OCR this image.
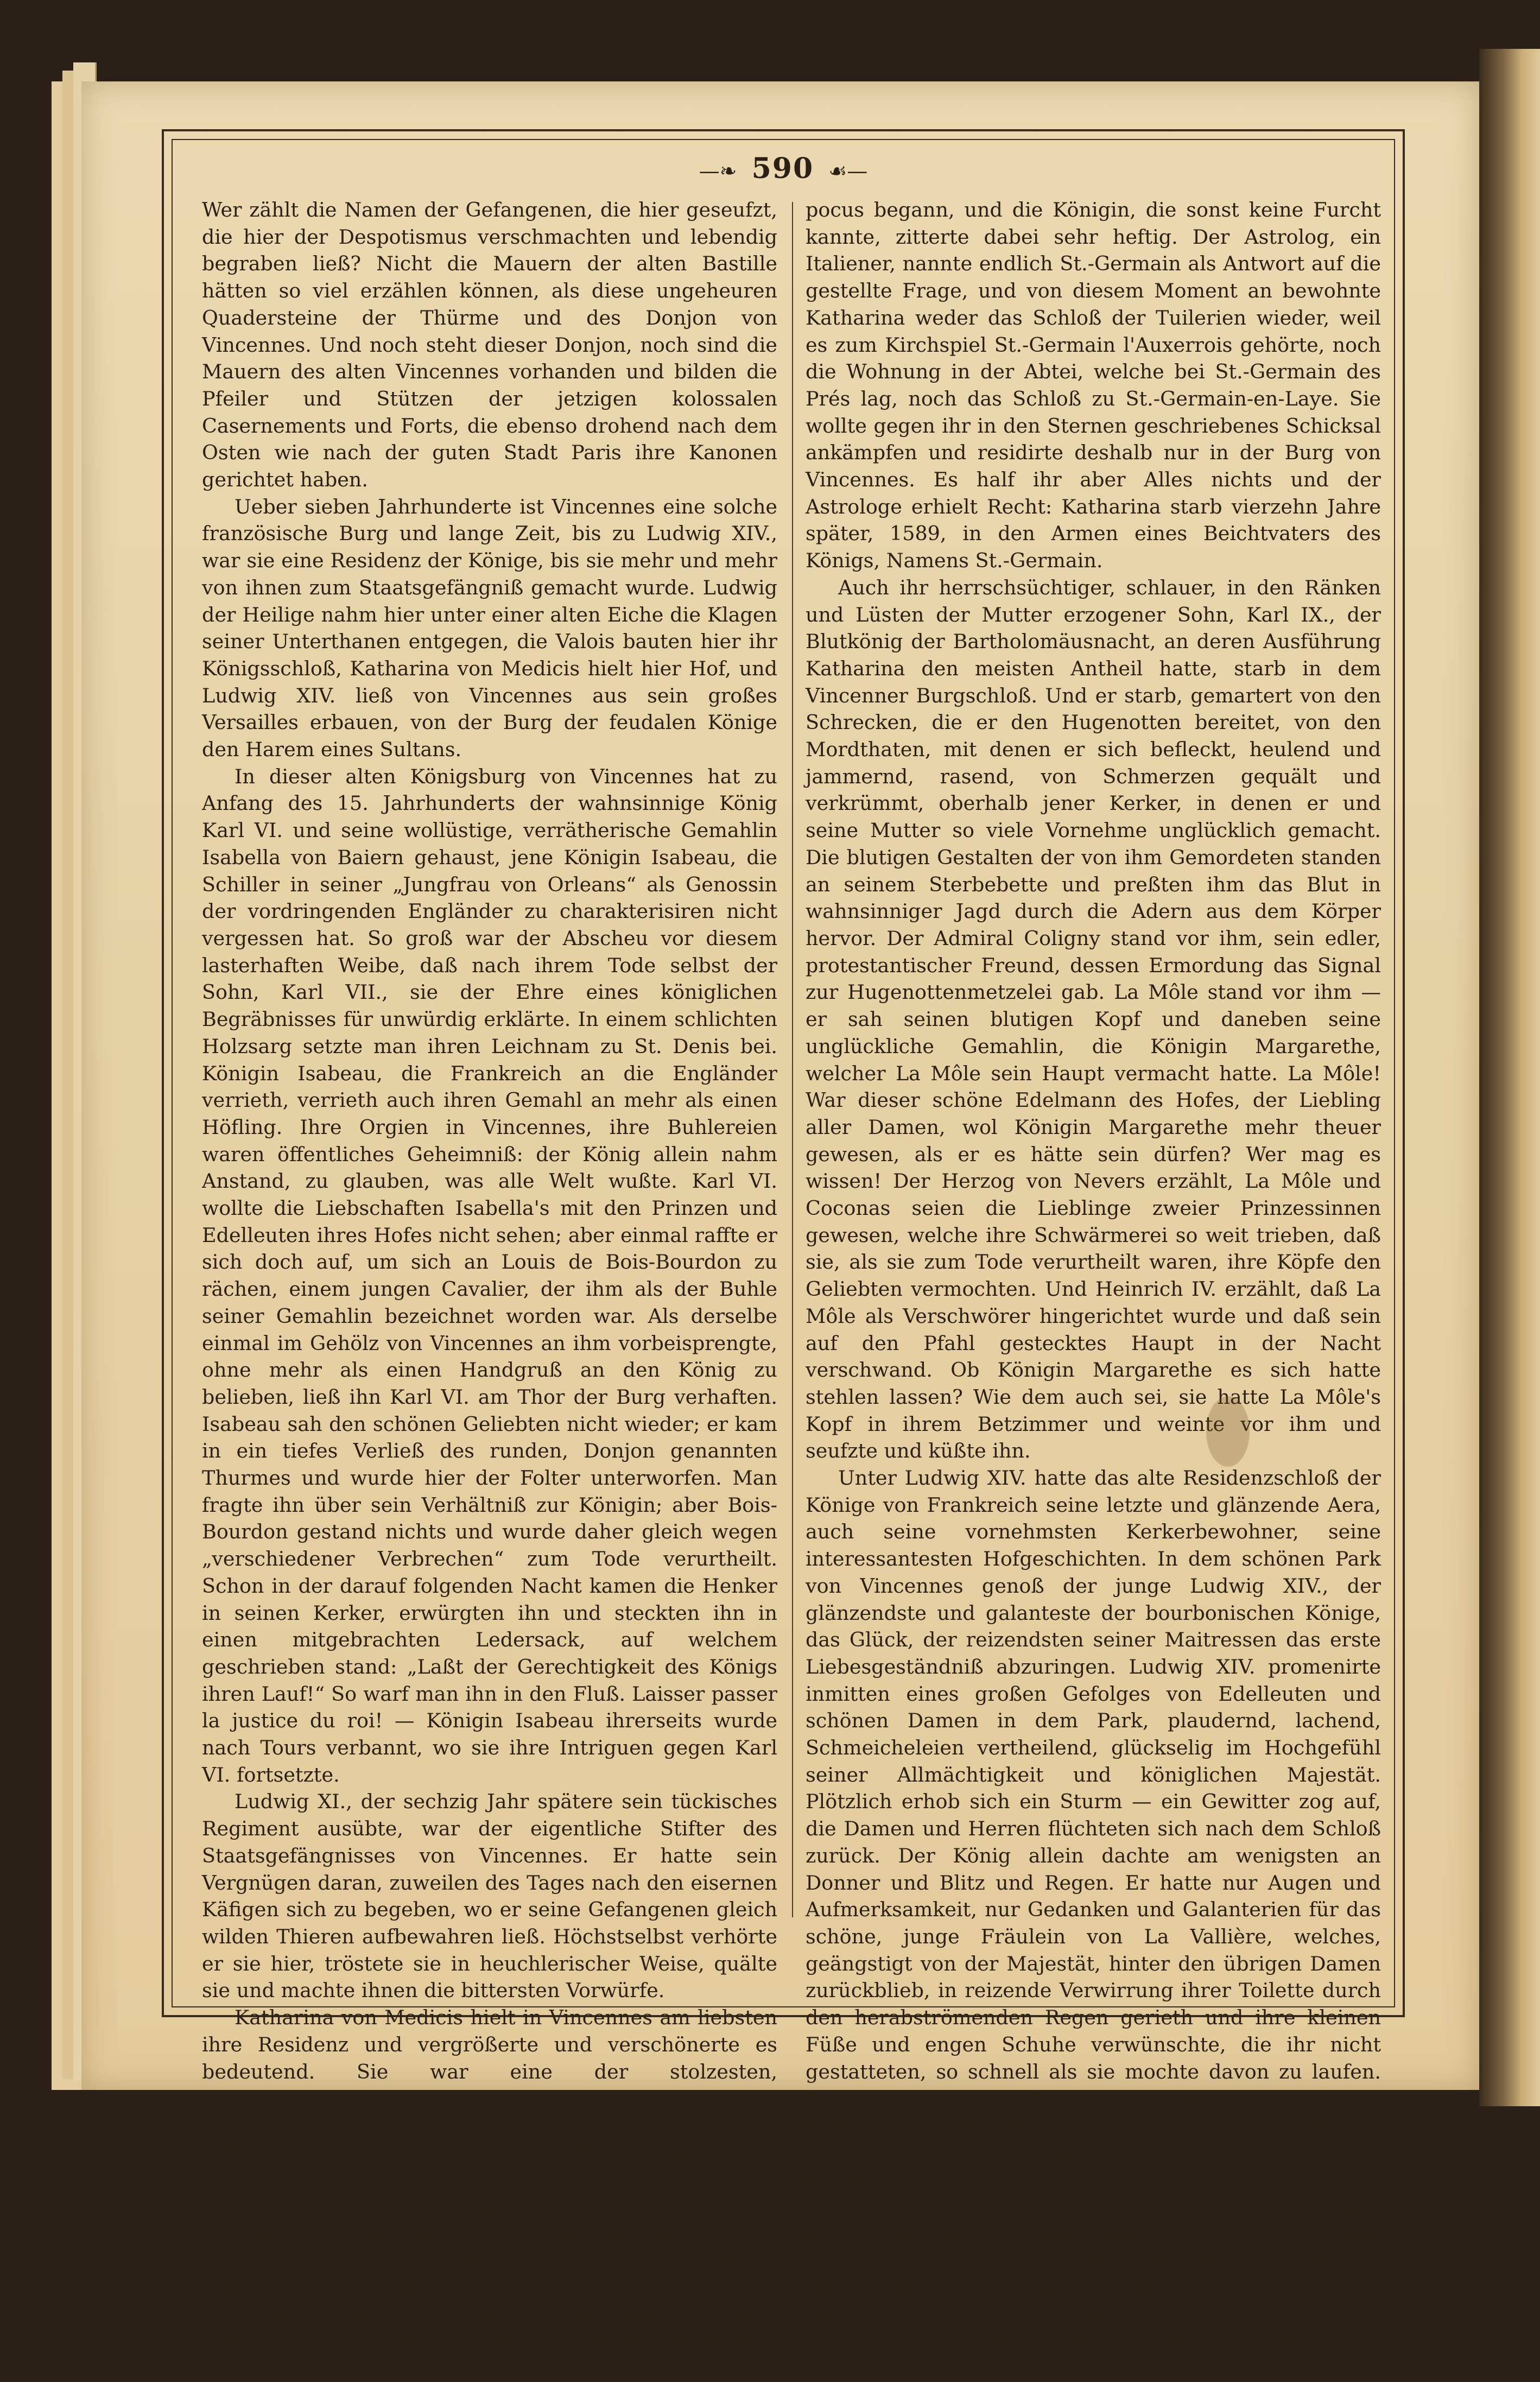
—❧ 590 ☙—

Wer zählt die Namen der Gefangenen, die hier geseufzt, die hier der Despotismus verschmachten und lebendig begraben ließ? Nicht die Mauern der alten Bastille hätten so viel erzählen können, als diese ungeheuren Quadersteine der Thürme und des Donjon von Vincennes. Und noch steht dieser Donjon, noch sind die Mauern des alten Vincennes vorhanden und bilden die Pfeiler und Stützen der jetzigen kolossalen Casernements und Forts, die ebenso drohend nach dem Osten wie nach der guten Stadt Paris ihre Kanonen gerichtet haben.

Ueber sieben Jahrhunderte ist Vincennes eine solche französische Burg und lange Zeit, bis zu Ludwig XIV., war sie eine Residenz der Könige, bis sie mehr und mehr von ihnen zum Staatsgefängniß gemacht wurde. Ludwig der Heilige nahm hier unter einer alten Eiche die Klagen seiner Unterthanen entgegen, die Valois bauten hier ihr Königsschloß, Katharina von Medicis hielt hier Hof, und Ludwig XIV. ließ von Vincennes aus sein großes Versailles erbauen, von der Burg der feudalen Könige den Harem eines Sultans.

In dieser alten Königsburg von Vincennes hat zu Anfang des 15. Jahrhunderts der wahnsinnige König Karl VI. und seine wollüstige, verrätherische Gemahlin Isabella von Baiern gehaust, jene Königin Isabeau, die Schiller in seiner „Jungfrau von Orleans“ als Genossin der vordringenden Engländer zu charakterisiren nicht vergessen hat. So groß war der Abscheu vor diesem lasterhaften Weibe, daß nach ihrem Tode selbst der Sohn, Karl VII., sie der Ehre eines königlichen Begräbnisses für unwürdig erklärte. In einem schlichten Holzsarg setzte man ihren Leichnam zu St. Denis bei. Königin Isabeau, die Frankreich an die Engländer verrieth, verrieth auch ihren Gemahl an mehr als einen Höfling. Ihre Orgien in Vincennes, ihre Buhlereien waren öffentliches Geheimniß: der König allein nahm Anstand, zu glauben, was alle Welt wußte. Karl VI. wollte die Liebschaften Isabella's mit den Prinzen und Edelleuten ihres Hofes nicht sehen; aber einmal raffte er sich doch auf, um sich an Louis de Bois-Bourdon zu rächen, einem jungen Cavalier, der ihm als der Buhle seiner Gemahlin bezeichnet worden war. Als derselbe einmal im Gehölz von Vincennes an ihm vorbeisprengte, ohne mehr als einen Handgruß an den König zu belieben, ließ ihn Karl VI. am Thor der Burg verhaften. Isabeau sah den schönen Geliebten nicht wieder; er kam in ein tiefes Verließ des runden, Donjon genannten Thurmes und wurde hier der Folter unterworfen. Man fragte ihn über sein Verhältniß zur Königin; aber Bois-Bourdon gestand nichts und wurde daher gleich wegen „verschiedener Verbrechen“ zum Tode verurtheilt. Schon in der darauf folgenden Nacht kamen die Henker in seinen Kerker, erwürgten ihn und steckten ihn in einen mitgebrachten Ledersack, auf welchem geschrieben stand: „Laßt der Gerechtigkeit des Königs ihren Lauf!“ So warf man ihn in den Fluß. Laisser passer la justice du roi! — Königin Isabeau ihrerseits wurde nach Tours verbannt, wo sie ihre Intriguen gegen Karl VI. fortsetzte.

Ludwig XI., der sechzig Jahr spätere sein tückisches Regiment ausübte, war der eigentliche Stifter des Staatsgefängnisses von Vincennes. Er hatte sein Vergnügen daran, zuweilen des Tages nach den eisernen Käfigen sich zu begeben, wo er seine Gefangenen gleich wilden Thieren aufbewahren ließ. Höchstselbst verhörte er sie hier, tröstete sie in heuchlerischer Weise, quälte sie und machte ihnen die bittersten Vorwürfe.

Katharina von Medicis hielt in Vincennes am liebsten ihre Residenz und vergrößerte und verschönerte es bedeutend. Sie war eine der stolzesten, herrschsüchtigsten, majestätischsten Frauen, die je auf dem Thron gesessen, aber ihre Freundschaft war gefährlich. Als sie Herrn von Bois-Février einmal mit „mein Freund“ anredete, antwortete dieser schnell: „Madâme, gestatten Sie mir, mich Ihren Feind zu nennen.“ Und er hatte recht calculirt. Kurze Zeit nachher saß er im Donjon von Vincennes und konnte über die Freundschaft einer Königin nachdenken.

Einmal befragte Katharina von Medicis ihren Astrologen nach dem Orte wo sie sterben würde. Der astrologische Hocus-

pocus begann, und die Königin, die sonst keine Furcht kannte, zitterte dabei sehr heftig. Der Astrolog, ein Italiener, nannte endlich St.-Germain als Antwort auf die gestellte Frage, und von diesem Moment an bewohnte Katharina weder das Schloß der Tuilerien wieder, weil es zum Kirchspiel St.-Germain l'Auxerrois gehörte, noch die Wohnung in der Abtei, welche bei St.-Germain des Prés lag, noch das Schloß zu St.-Germain-en-Laye. Sie wollte gegen ihr in den Sternen geschriebenes Schicksal ankämpfen und residirte deshalb nur in der Burg von Vincennes. Es half ihr aber Alles nichts und der Astrologe erhielt Recht: Katharina starb vierzehn Jahre später, 1589, in den Armen eines Beichtvaters des Königs, Namens St.-Germain.

Auch ihr herrschsüchtiger, schlauer, in den Ränken und Lüsten der Mutter erzogener Sohn, Karl IX., der Blutkönig der Bartholomäusnacht, an deren Ausführung Katharina den meisten Antheil hatte, starb in dem Vincenner Burgschloß. Und er starb, gemartert von den Schrecken, die er den Hugenotten bereitet, von den Mordthaten, mit denen er sich befleckt, heulend und jammernd, rasend, von Schmerzen gequält und verkrümmt, oberhalb jener Kerker, in denen er und seine Mutter so viele Vornehme unglücklich gemacht. Die blutigen Gestalten der von ihm Gemordeten standen an seinem Sterbebette und preßten ihm das Blut in wahnsinniger Jagd durch die Adern aus dem Körper hervor. Der Admiral Coligny stand vor ihm, sein edler, protestantischer Freund, dessen Ermordung das Signal zur Hugenottenmetzelei gab. La Môle stand vor ihm — er sah seinen blutigen Kopf und daneben seine unglückliche Gemahlin, die Königin Margarethe, welcher La Môle sein Haupt vermacht hatte. La Môle! War dieser schöne Edelmann des Hofes, der Liebling aller Damen, wol Königin Margarethe mehr theuer gewesen, als er es hätte sein dürfen? Wer mag es wissen! Der Herzog von Nevers erzählt, La Môle und Coconas seien die Lieblinge zweier Prinzessinnen gewesen, welche ihre Schwärmerei so weit trieben, daß sie, als sie zum Tode verurtheilt waren, ihre Köpfe den Geliebten vermochten. Und Heinrich IV. erzählt, daß La Môle als Verschwörer hingerichtet wurde und daß sein auf den Pfahl gestecktes Haupt in der Nacht verschwand. Ob Königin Margarethe es sich hatte stehlen lassen? Wie dem auch sei, sie hatte La Môle's Kopf in ihrem Betzimmer und weinte vor ihm und seufzte und küßte ihn.

Unter Ludwig XIV. hatte das alte Residenzschloß der Könige von Frankreich seine letzte und glänzende Aera, auch seine vornehmsten Kerkerbewohner, seine interessantesten Hofgeschichten. In dem schönen Park von Vincennes genoß der junge Ludwig XIV., der glänzendste und galanteste der bourbonischen Könige, das Glück, der reizendsten seiner Maitressen das erste Liebesgeständniß abzuringen. Ludwig XIV. promenirte inmitten eines großen Gefolges von Edelleuten und schönen Damen in dem Park, plaudernd, lachend, Schmeicheleien vertheilend, glückselig im Hochgefühl seiner Allmächtigkeit und königlichen Majestät. Plötzlich erhob sich ein Sturm — ein Gewitter zog auf, die Damen und Herren flüchteten sich nach dem Schloß zurück. Der König allein dachte am wenigsten an Donner und Blitz und Regen. Er hatte nur Augen und Aufmerksamkeit, nur Gedanken und Galanterien für das schöne, junge Fräulein von La Vallière, welches, geängstigt von der Majestät, hinter den übrigen Damen zurückblieb, in reizende Verwirrung ihrer Toilette durch den herabströmenden Regen gerieth und ihre kleinen Füße und engen Schuhe verwünschte, die ihr nicht gestatteten, so schnell als sie mochte davon zu laufen. Die Schmeichelei des Königs brach alle Vorschriften der Etikette, und die Hofleute und Hofdamen waren so gefällig, mit der schüchternen Verliebtheit des herrlichen Ludwig Mitleid zu haben: sie machten, daß sie fortkamen aus dem Regen und aus dem Park und ließen das arme, zitternde Fräulein von La Vallière allein mit Ludwig XIV. zurück. Und diese Beiden suchten, so viel es ging, Schutz hinter einer Blumenwand — es regnete und donnerte, und sie küßten sich.

Als sie dann, der König und die Ehrendame der Königin,
